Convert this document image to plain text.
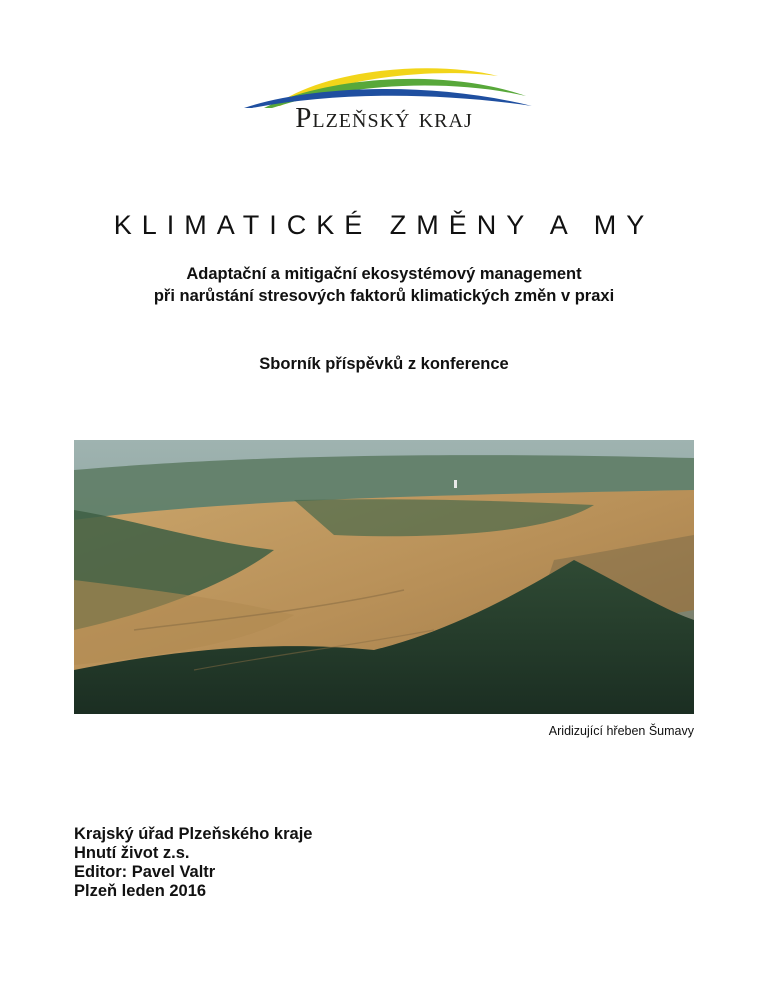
Plzeňský kraj
KLIMATICKÉ ZMĚNY A MY
Adaptační a mitigační ekosystémový management
při narůstání stresových faktorů klimatických změn v praxi
Sborník příspěvků z konference
Aridizující hřeben Šumavy
Krajský úřad Plzeňského kraje
Hnutí život z.s.
Editor: Pavel Valtr
Plzeň leden 2016
